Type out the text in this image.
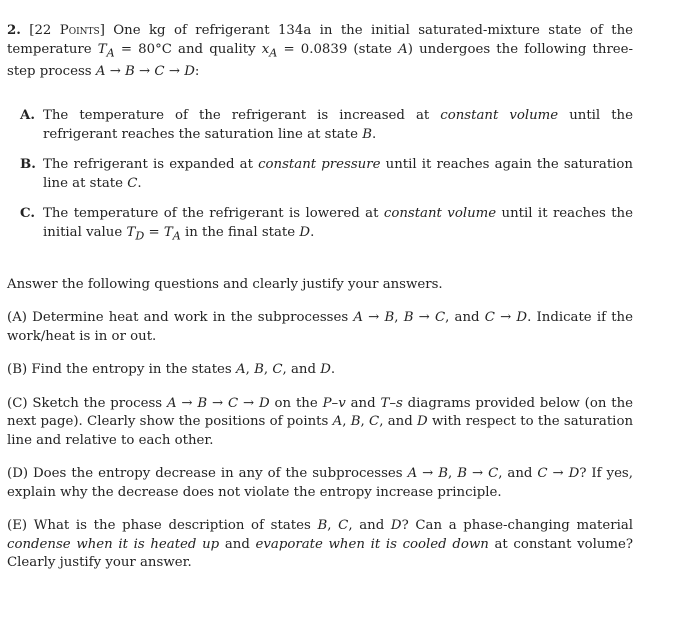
2. [22 Points] One kg of refrigerant 134a in the initial saturated-mixture state of the temperature $T_A = 80^\circ C$ and quality $x_A = 0.0839$ (state A) undergoes the following three-step process A → B → C → D:

A. The temperature of the refrigerant is increased at constant volume until the refrigerant reaches the saturation line at state B.
B. The refrigerant is expanded at constant pressure until it reaches again the saturation line at state C.
C. The temperature of the refrigerant is lowered at constant volume until it reaches the initial value $T_D = T_A$ in the final state D.

Answer the following questions and clearly justify your answers.

(A) Determine heat and work in the subprocesses A → B, B → C, and C → D. Indicate if the work/heat is in or out.

(B) Find the entropy in the states A, B, C, and D.

(C) Sketch the process A → B → C → D on the P–v and T–s diagrams provided below (on the next page). Clearly show the positions of points A, B, C, and D with respect to the saturation line and relative to each other.

(D) Does the entropy decrease in any of the subprocesses A → B, B → C, and C → D? If yes, explain why the decrease does not violate the entropy increase principle.

(E) What is the phase description of states B, C, and D? Can a phase-changing material condense when it is heated up and evaporate when it is cooled down at constant volume? Clearly justify your answer.
